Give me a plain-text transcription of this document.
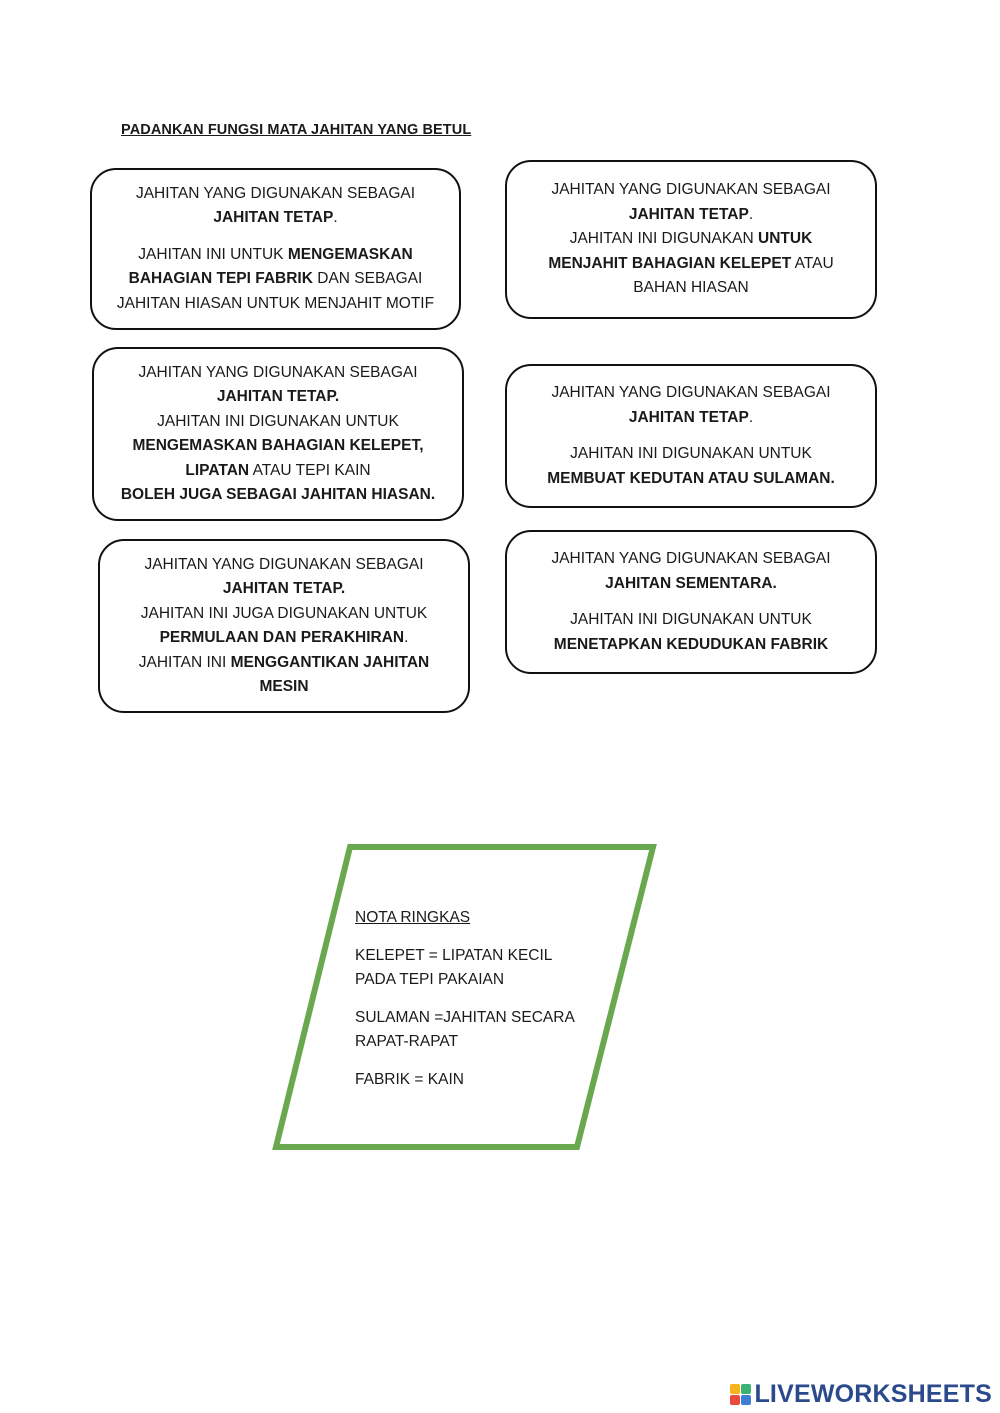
PADANKAN FUNGSI MATA JAHITAN YANG BETUL

JAHITAN YANG DIGUNAKAN SEBAGAI
JAHITAN TETAP.

JAHITAN INI UNTUK MENGEMASKAN BAHAGIAN TEPI FABRIK DAN SEBAGAI JAHITAN HIASAN UNTUK MENJAHIT MOTIF

JAHITAN YANG DIGUNAKAN SEBAGAI
JAHITAN TETAP.
JAHITAN INI DIGUNAKAN UNTUK MENJAHIT BAHAGIAN KELEPET ATAU BAHAN HIASAN

JAHITAN YANG DIGUNAKAN SEBAGAI
JAHITAN TETAP.
JAHITAN INI DIGUNAKAN UNTUK
MENGEMASKAN BAHAGIAN KELEPET, LIPATAN ATAU TEPI KAIN
BOLEH JUGA SEBAGAI JAHITAN HIASAN.

JAHITAN YANG DIGUNAKAN SEBAGAI
JAHITAN TETAP.

JAHITAN INI DIGUNAKAN UNTUK
MEMBUAT KEDUTAN ATAU SULAMAN.

JAHITAN YANG DIGUNAKAN SEBAGAI
JAHITAN TETAP.
JAHITAN INI JUGA DIGUNAKAN UNTUK
PERMULAAN DAN PERAKHIRAN.
JAHITAN INI MENGGANTIKAN JAHITAN MESIN

JAHITAN YANG DIGUNAKAN SEBAGAI
JAHITAN SEMENTARA.

JAHITAN INI DIGUNAKAN UNTUK
MENETAPKAN KEDUDUKAN FABRIK

NOTA RINGKAS

KELEPET = LIPATAN KECIL PADA TEPI PAKAIAN

SULAMAN =JAHITAN SECARA RAPAT-RAPAT

FABRIK = KAIN

LIVEWORKSHEETS
